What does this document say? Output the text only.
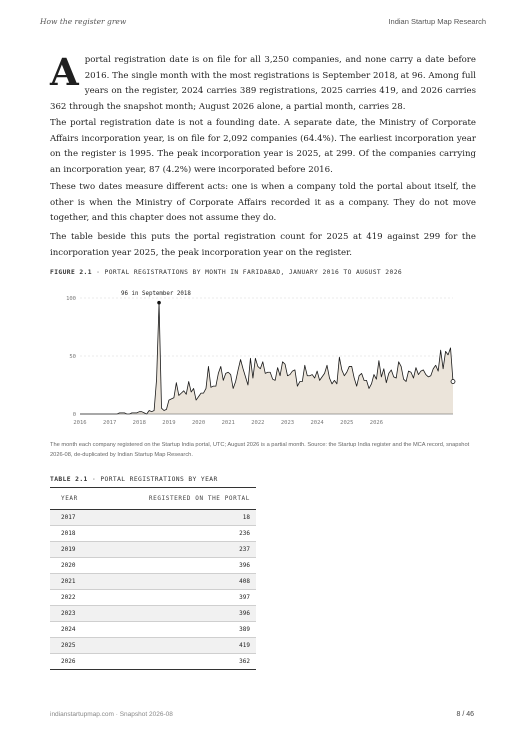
How the register grew	Indian Startup Map Research

Aportal registration date is on file for all 3,250 companies, and none carry a date before 2016. The single month with the most registrations is September 2018, at 96. Among full years on the register, 2024 carries 389 registrations, 2025 carries 419, and 2026 carries 362 through the snapshot month; August 2026 alone, a partial month, carries 28.

The portal registration date is not a founding date. A separate date, the Ministry of Corporate Affairs incorporation year, is on file for 2,092 companies (64.4%). The earliest incorporation year on the register is 1995. The peak incorporation year is 2025, at 299. Of the companies carrying an incorporation year, 87 (4.2%) were incorporated before 2016.

These two dates measure different acts: one is when a company told the portal about itself, the other is when the Ministry of Corporate Affairs recorded it as a company. They do not move together, and this chapter does not assume they do.

The table beside this puts the portal registration count for 2025 at 419 against 299 for the incorporation year 2025, the peak incorporation year on the register.

FIGURE 2.1 · PORTAL REGISTRATIONS BY MONTH IN FARIDABAD, JANUARY 2016 TO AUGUST 2026
0
50
100
2016	2017	2018	2019	2020	2021	2022	2023	2024	2025	2026
96 in September 2018
The month each company registered on the Startup India portal, UTC; August 2026 is a partial month. Source: the Startup India register and the MCA record, snapshot 2026-08, de-duplicated by Indian Startup Map Research.
TABLE 2.1 · PORTAL REGISTRATIONS BY YEAR
YEAR	REGISTERED ON THE PORTAL
2017	18
2018	236
2019	237
2020	396
2021	408
2022	397
2023	396
2024	389
2025	419
2026	362
indianstartupmap.com · Snapshot 2026-08	8 / 46
